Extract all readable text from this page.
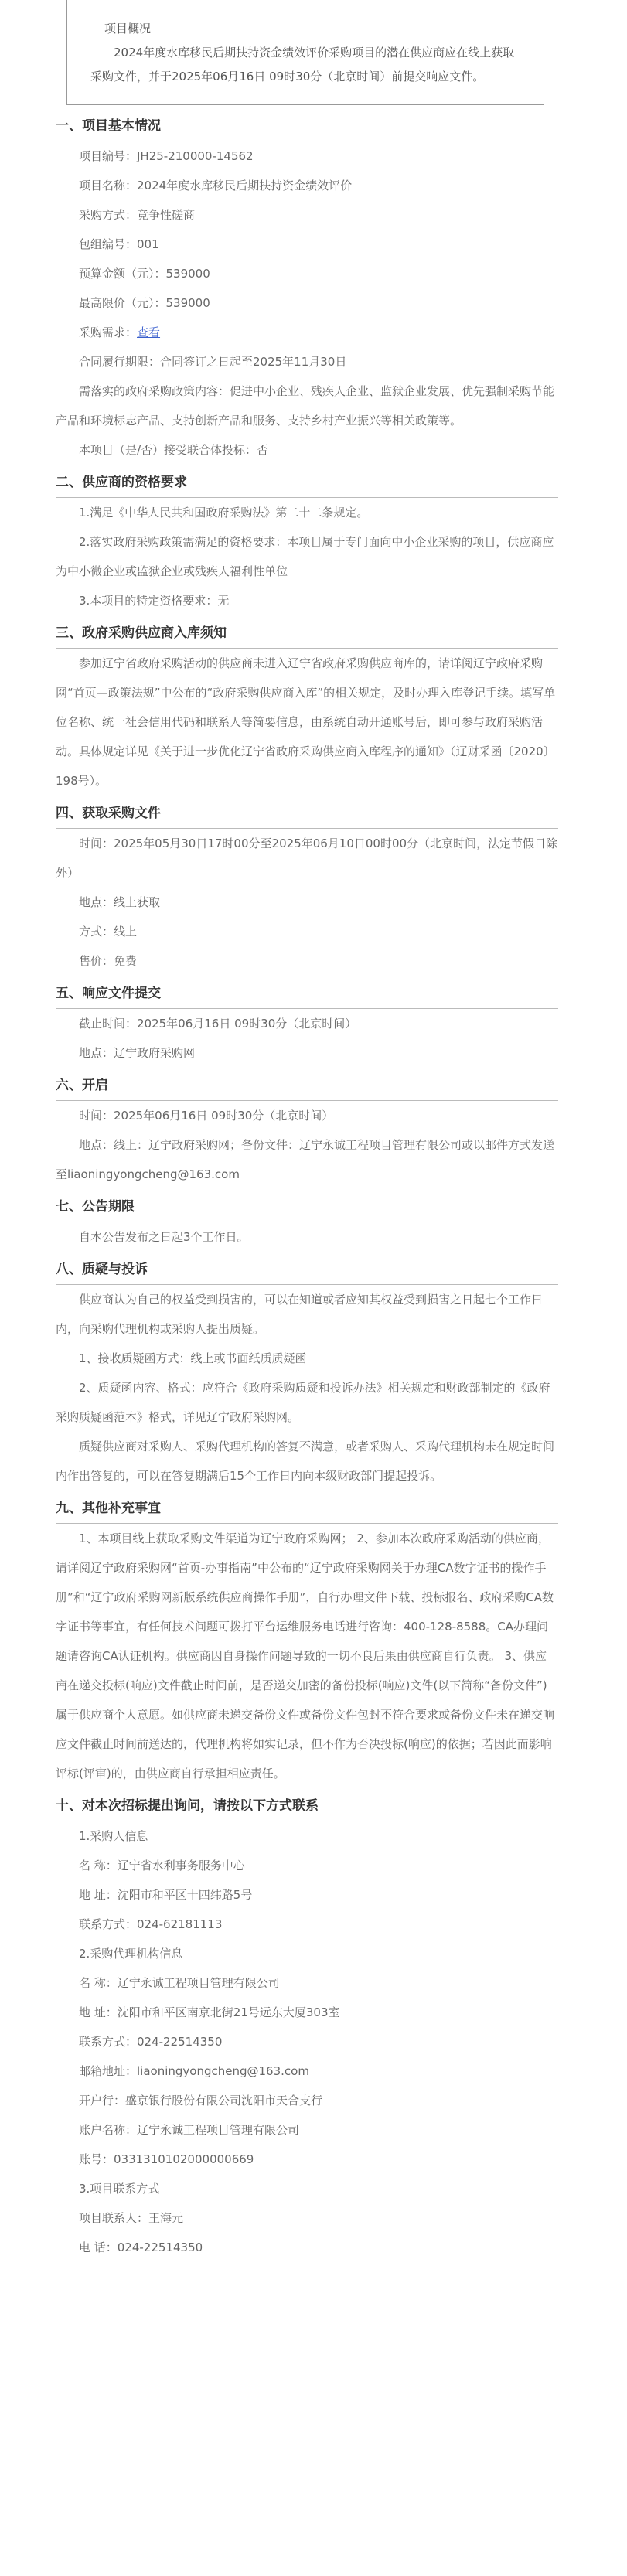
项目概况
2024年度水库移民后期扶持资金绩效评价采购项目的潜在供应商应在线上获取采购文件，并于2025年06月16日 09时30分（北京时间）前提交响应文件。
一、项目基本情况
项目编号：JH25-210000-14562
项目名称：2024年度水库移民后期扶持资金绩效评价
采购方式：竞争性磋商
包组编号：001
预算金额（元）：539000
最高限价（元）：539000
采购需求：查看
合同履行期限：合同签订之日起至2025年11月30日
需落实的政府采购政策内容：促进中小企业、残疾人企业、监狱企业发展、优先强制采购节能产品和环境标志产品、支持创新产品和服务、支持乡村产业振兴等相关政策等。
本项目（是/否）接受联合体投标：否
二、供应商的资格要求
1.满足《中华人民共和国政府采购法》第二十二条规定。
2.落实政府采购政策需满足的资格要求：本项目属于专门面向中小企业采购的项目，供应商应为中小微企业或监狱企业或残疾人福利性单位
3.本项目的特定资格要求：无
三、政府采购供应商入库须知
参加辽宁省政府采购活动的供应商未进入辽宁省政府采购供应商库的，请详阅辽宁政府采购网“首页—政策法规”中公布的“政府采购供应商入库”的相关规定，及时办理入库登记手续。填写单位名称、统一社会信用代码和联系人等简要信息，由系统自动开通账号后，即可参与政府采购活动。具体规定详见《关于进一步优化辽宁省政府采购供应商入库程序的通知》（辽财采函〔2020〕198号）。
四、获取采购文件
时间：2025年05月30日17时00分至2025年06月10日00时00分（北京时间，法定节假日除外）
地点：线上获取
方式：线上
售价：免费
五、响应文件提交
截止时间：2025年06月16日 09时30分（北京时间）
地点：辽宁政府采购网
六、开启
时间：2025年06月16日 09时30分（北京时间）
地点：线上：辽宁政府采购网；备份文件：辽宁永诚工程项目管理有限公司或以邮件方式发送至liaoningyongcheng@163.com
七、公告期限
自本公告发布之日起3个工作日。
八、质疑与投诉
供应商认为自己的权益受到损害的，可以在知道或者应知其权益受到损害之日起七个工作日内，向采购代理机构或采购人提出质疑。
1、接收质疑函方式：线上或书面纸质质疑函
2、质疑函内容、格式：应符合《政府采购质疑和投诉办法》相关规定和财政部制定的《政府采购质疑函范本》格式，详见辽宁政府采购网。
质疑供应商对采购人、采购代理机构的答复不满意，或者采购人、采购代理机构未在规定时间内作出答复的，可以在答复期满后15个工作日内向本级财政部门提起投诉。
九、其他补充事宜
1、本项目线上获取采购文件渠道为辽宁政府采购网； 2、参加本次政府采购活动的供应商，请详阅辽宁政府采购网“首页-办事指南”中公布的“辽宁政府采购网关于办理CA数字证书的操作手册”和“辽宁政府采购网新版系统供应商操作手册”，自行办理文件下载、投标报名、政府采购CA数字证书等事宜，有任何技术问题可拨打平台运维服务电话进行咨询：400-128-8588。CA办理问题请咨询CA认证机构。供应商因自身操作问题导致的一切不良后果由供应商自行负责。 3、供应商在递交投标(响应)文件截止时间前，是否递交加密的备份投标(响应)文件(以下简称“备份文件”)属于供应商个人意愿。如供应商未递交备份文件或备份文件包封不符合要求或备份文件未在递交响应文件截止时间前送达的，代理机构将如实记录，但不作为否决投标(响应)的依据；若因此而影响评标(评审)的，由供应商自行承担相应责任。
十、对本次招标提出询问，请按以下方式联系
1.采购人信息
名 称：辽宁省水利事务服务中心
地 址：沈阳市和平区十四纬路5号
联系方式：024-62181113
2.采购代理机构信息
名 称：辽宁永诚工程项目管理有限公司
地 址：沈阳市和平区南京北街21号远东大厦303室
联系方式：024-22514350
邮箱地址：liaoningyongcheng@163.com
开户行：盛京银行股份有限公司沈阳市天合支行
账户名称：辽宁永诚工程项目管理有限公司
账号：0331310102000000669
3.项目联系方式
项目联系人：王海元
电 话：024-22514350
